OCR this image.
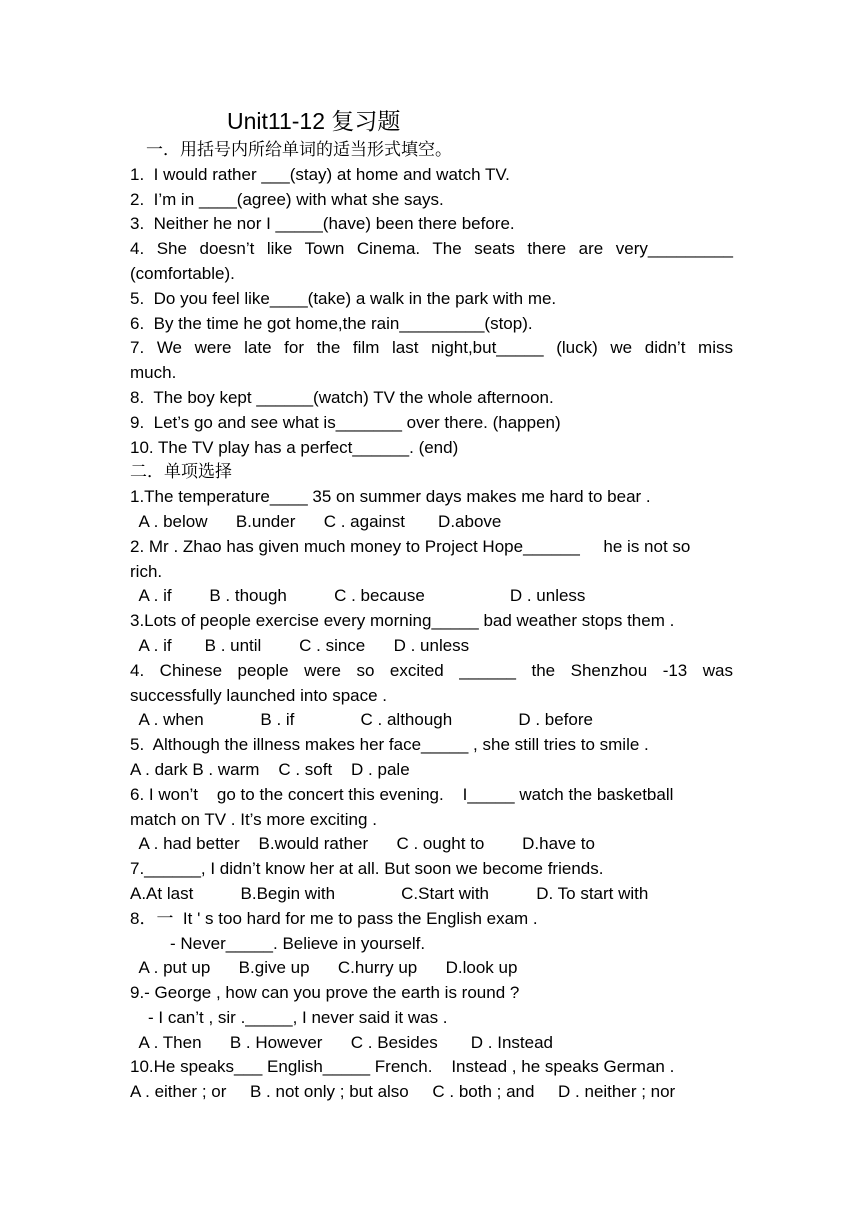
Unit11-12 复习题

一．用括号内所给单词的适当形式填空。

1.  I would rather ___(stay) at home and watch TV.

2.  I’m in ____(agree) with what she says.

3.  Neither he nor I _____(have) been there before.

4. She doesn’t like Town Cinema. The seats there are very_________

(comfortable).

5.  Do you feel like____(take) a walk in the park with me.

6.  By the time he got home,the rain_________(stop).

7. We were late for the film last night,but_____ (luck) we didn’t miss

much.

8.  The boy kept ______(watch) TV the whole afternoon.

9.  Let’s go and see what is_______ over there. (happen)

10. The TV play has a perfect______. (end)

二．单项选择

1.The temperature____ 35 on summer days makes me hard to bear .

A . below      B.under      C . against       D.above

2. Mr . Zhao has given much money to Project Hope______     he is not so

rich.

A . if        B . though          C . because                  D . unless

3.Lots of people exercise every morning_____ bad weather stops them .

A . if       B . until        C . since      D . unless

4. Chinese people were so excited ______ the Shenzhou -13 was

successfully launched into space .

A . when            B . if              C . although              D . before

5.  Although the illness makes her face_____ , she still tries to smile .

A . dark B . warm    C . soft    D . pale

6. I won’t    go to the concert this evening.    I_____ watch the basketball

match on TV . It’s more exciting .

A . had better    B.would rather      C . ought to        D.have to

7.______, I didn’t know her at all. But soon we become friends.

A.At last          B.Begin with              C.Start with          D. To start with

8．一  It ' s too hard for me to pass the English exam .

- Never_____. Believe in yourself.

A . put up      B.give up      C.hurry up      D.look up

9.- George , how can you prove the earth is round ?

- I can’t , sir ._____, I never said it was .

A . Then      B . However      C . Besides       D . Instead

10.He speaks___ English_____ French.    Instead , he speaks German .

A . either ; or     B . not only ; but also     C . both ; and     D . neither ; nor
